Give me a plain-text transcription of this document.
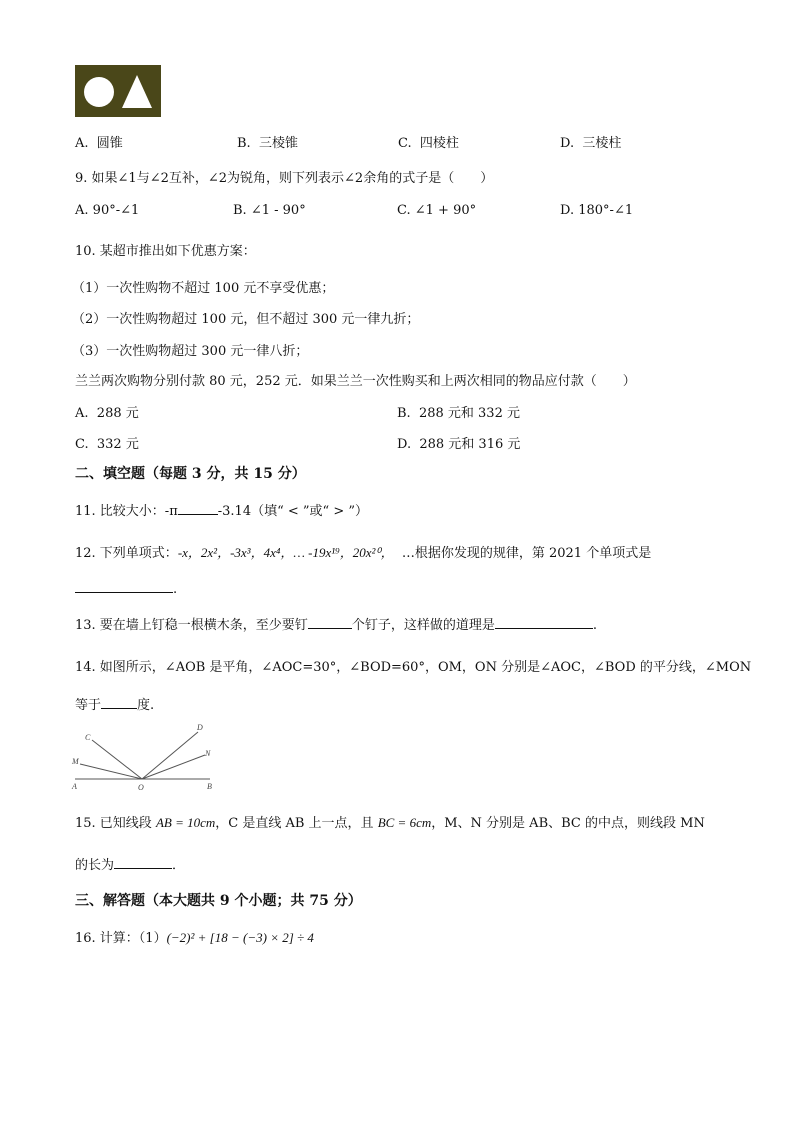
A. 圆锥	B. 三棱锥	C. 四棱柱	D. 三棱柱
9. 如果∠1与∠2互补，∠2为锐角，则下列表示∠2余角的式子是（　　）
A. 90°-∠1	B. ∠1 - 90°	C. ∠1 + 90°	D. 180°-∠1
10. 某超市推出如下优惠方案：
（1）一次性购物不超过 100 元不享受优惠；
（2）一次性购物超过 100 元，但不超过 300 元一律九折；
（3）一次性购物超过 300 元一律八折；
兰兰两次购物分别付款 80 元，252 元．如果兰兰一次性购买和上两次相同的物品应付款（　　）
A. 288 元	B. 288 元和 332 元
C. 332 元	D. 288 元和 316 元
二、填空题（每题 3 分，共 15 分）
11. 比较大小：-π	-3.14（填“ < ”或“ > ”）
12. 下列单项式：-x，2x²，-3x³，4x⁴，… -19x¹⁹，20x²⁰， …根据你发现的规律，第 2021 个单项式是
.
13. 要在墙上钉稳一根横木条，至少要钉	个钉子，这样做的道理是	.
14. 如图所示，∠AOB 是平角，∠AOC=30°，∠BOD=60°，OM，ON 分别是∠AOC，∠BOD 的平分线，∠MON
等于	度.
C
D
M
N
A	O	B
15. 已知线段 AB = 10cm，C 是直线 AB 上一点，且 BC = 6cm，M、N 分别是 AB、BC 的中点，则线段 MN
的长为	．
三、解答题（本大题共 9 个小题；共 75 分）
16. 计算：（1）(−2)² + [18 − (−3) × 2] ÷ 4
